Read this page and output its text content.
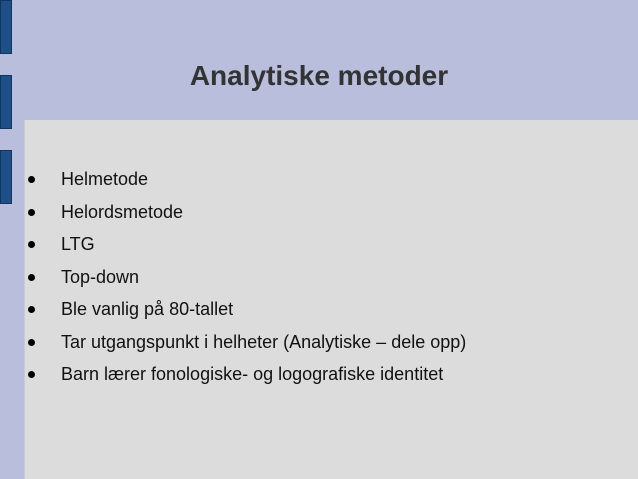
Analytiske metoder
Helmetode
Helordsmetode
LTG
Top-down
Ble vanlig på 80-tallet
Tar utgangspunkt i helheter (Analytiske – dele opp)
Barn lærer fonologiske- og logografiske identitet
